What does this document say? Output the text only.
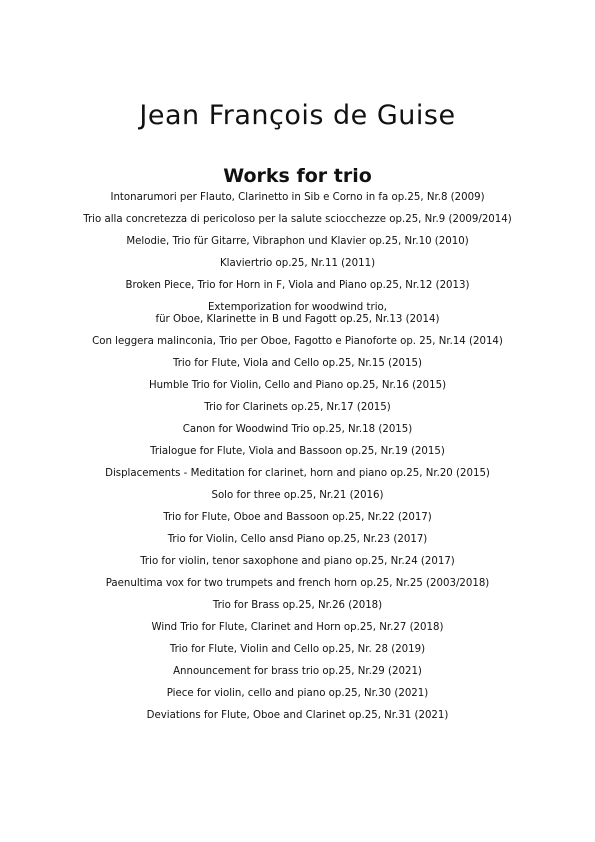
Jean François de Guise
Works for trio
Intonarumori per Flauto, Clarinetto in Sib e Corno in fa op.25, Nr.8 (2009)
Trio alla concretezza di pericoloso per la salute sciocchezze op.25, Nr.9 (2009/2014)
Melodie, Trio für Gitarre, Vibraphon und Klavier op.25, Nr.10 (2010)
Klaviertrio op.25, Nr.11 (2011)
Broken Piece, Trio for Horn in F, Viola and Piano op.25, Nr.12 (2013)
Extemporization for woodwind trio,
für Oboe, Klarinette in B und Fagott op.25, Nr.13 (2014)
Con leggera malinconia, Trio per Oboe, Fagotto e Pianoforte op. 25, Nr.14 (2014)
Trio for Flute, Viola and Cello op.25, Nr.15 (2015)
Humble Trio for Violin, Cello and Piano op.25, Nr.16 (2015)
Trio for Clarinets op.25, Nr.17 (2015)
Canon for Woodwind Trio op.25, Nr.18 (2015)
Trialogue for Flute, Viola and Bassoon op.25, Nr.19 (2015)
Displacements - Meditation for clarinet, horn and piano op.25, Nr.20 (2015)
Solo for three op.25, Nr.21 (2016)
Trio for Flute, Oboe and Bassoon op.25, Nr.22 (2017)
Trio for Violin, Cello ansd Piano op.25, Nr.23 (2017)
Trio for violin, tenor saxophone and piano op.25, Nr.24 (2017)
Paenultima vox for two trumpets and french horn op.25, Nr.25 (2003/2018)
Trio for Brass op.25, Nr.26 (2018)
Wind Trio for Flute, Clarinet and Horn op.25, Nr.27 (2018)
Trio for Flute, Violin and Cello op.25, Nr. 28 (2019)
Announcement for brass trio op.25, Nr.29 (2021)
Piece for violin, cello and piano op.25, Nr.30 (2021)
Deviations for Flute, Oboe and Clarinet op.25, Nr.31 (2021)
